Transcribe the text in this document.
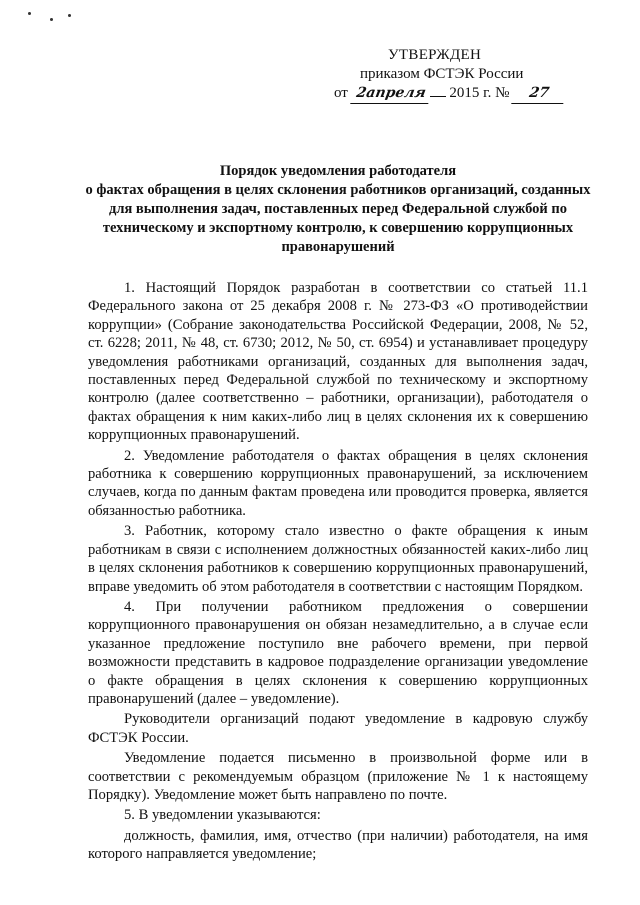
УТВЕРЖДЕН
приказом ФСТЭК России
от 2апреля 2015 г. № 27
Порядок уведомления работодателя
о фактах обращения в целях склонения работников организаций, созданных
для выполнения задач, поставленных перед Федеральной службой по
техническому и экспортному контролю, к совершению коррупционных
правонарушений

1. Настоящий Порядок разработан в соответствии со статьей 11.1 Федерального закона от 25 декабря 2008 г. № 273-ФЗ «О противодействии коррупции» (Собрание законодательства Российской Федерации, 2008, № 52, ст. 6228; 2011, № 48, ст. 6730; 2012, № 50, ст. 6954) и устанавливает процедуру уведомления работниками организаций, созданных для выполнения задач, поставленных перед Федеральной службой по техническому и экспортному контролю (далее соответственно – работники, организации), работодателя о фактах обращения к ним каких-либо лиц в целях склонения их к совершению коррупционных правонарушений.

2. Уведомление работодателя о фактах обращения в целях склонения работника к совершению коррупционных правонарушений, за исключением случаев, когда по данным фактам проведена или проводится проверка, является обязанностью работника.

3. Работник, которому стало известно о факте обращения к иным работникам в связи с исполнением должностных обязанностей каких-либо лиц в целях склонения работников к совершению коррупционных правонарушений, вправе уведомить об этом работодателя в соответствии с настоящим Порядком.

4. При получении работником предложения о совершении коррупционного правонарушения он обязан незамедлительно, а в случае если указанное предложение поступило вне рабочего времени, при первой возможности представить в кадровое подразделение организации уведомление о факте обращения в целях склонения к совершению коррупционных правонарушений (далее – уведомление).

Руководители организаций подают уведомление в кадровую службу ФСТЭК России.

Уведомление подается письменно в произвольной форме или в соответствии с рекомендуемым образцом (приложение № 1 к настоящему Порядку). Уведомление может быть направлено по почте.

5. В уведомлении указываются:

должность, фамилия, имя, отчество (при наличии) работодателя, на имя которого направляется уведомление;
